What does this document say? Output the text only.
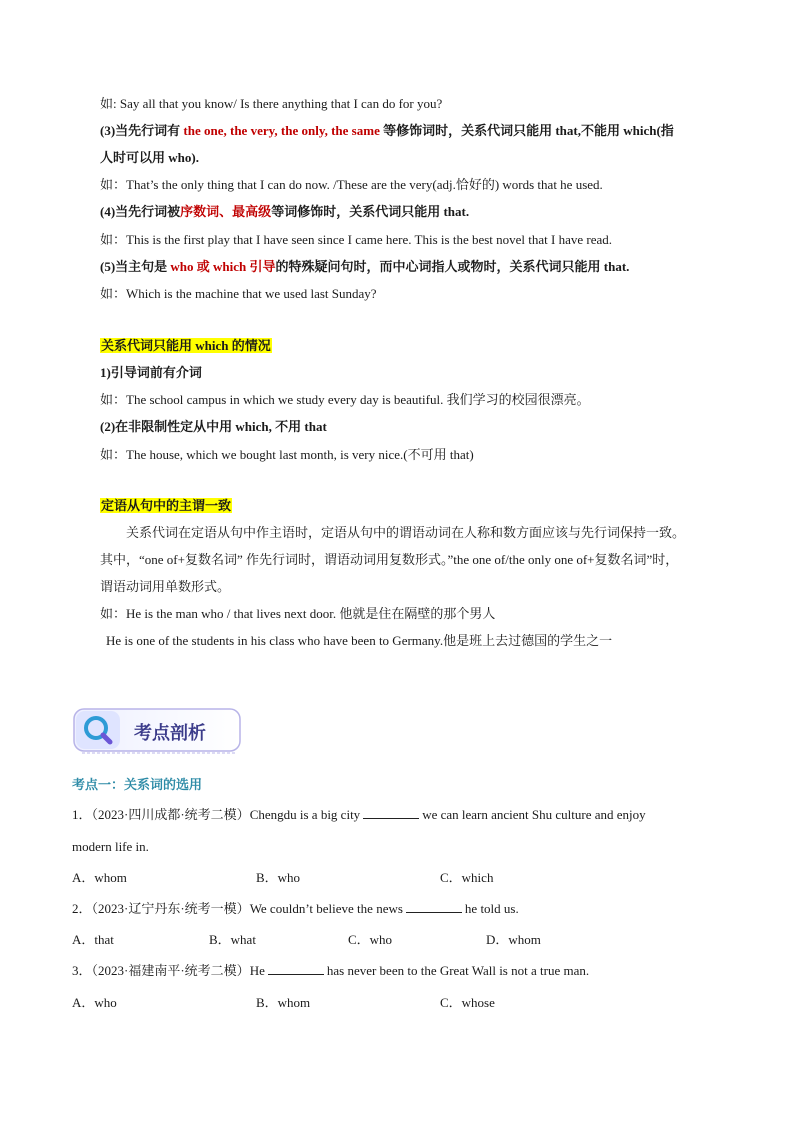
如: Say all that you know/ Is there anything that I can do for you?
(3)当先行词有 the one, the very, the only, the same 等修饰词时，关系代词只能用 that,不能用 which(指
人时可以用 who).
如：That’s the only thing that I can do now. /These are the very(adj.恰好的) words that he used.
(4)当先行词被序数词、最高级等词修饰时，关系代词只能用 that.
如：This is the first play that I have seen since I came here. This is the best novel that I have read.
(5)当主句是 who 或 which 引导的特殊疑问句时，而中心词指人或物时，关系代词只能用 that.
如：Which is the machine that we used last Sunday?
关系代词只能用 which 的情况
1)引导词前有介词
如：The school campus in which we study every day is beautiful. 我们学习的校园很漂亮。
(2)在非限制性定从中用 which, 不用 that
如：The house, which we bought last month, is very nice.(不可用 that)
定语从句中的主谓一致
关系代词在定语从句中作主语时，定语从句中的谓语动词在人称和数方面应该与先行词保持一致。
其中，“one of+复数名词” 作先行词时，谓语动词用复数形式。”the one of/the only one of+复数名词”时，
谓语动词用单数形式。
如：He is the man who / that lives next door. 他就是住在隔壁的那个男人
He is one of the students in his class who have been to Germany.他是班上去过德国的学生之一
考点剖析
考点一：关系词的选用
1．（2023·四川成都·统考二模）Chengdu is a big city	we can learn ancient Shu culture and enjoy
modern life in.
A．whom	B．who	C．which
2．（2023·辽宁丹东·统考一模）We couldn’t believe the news	he told us.
A．that	B．what	C．who	D．whom
3．（2023·福建南平·统考二模）He	has never been to the Great Wall is not a true man.
A．who	B．whom	C．whose
